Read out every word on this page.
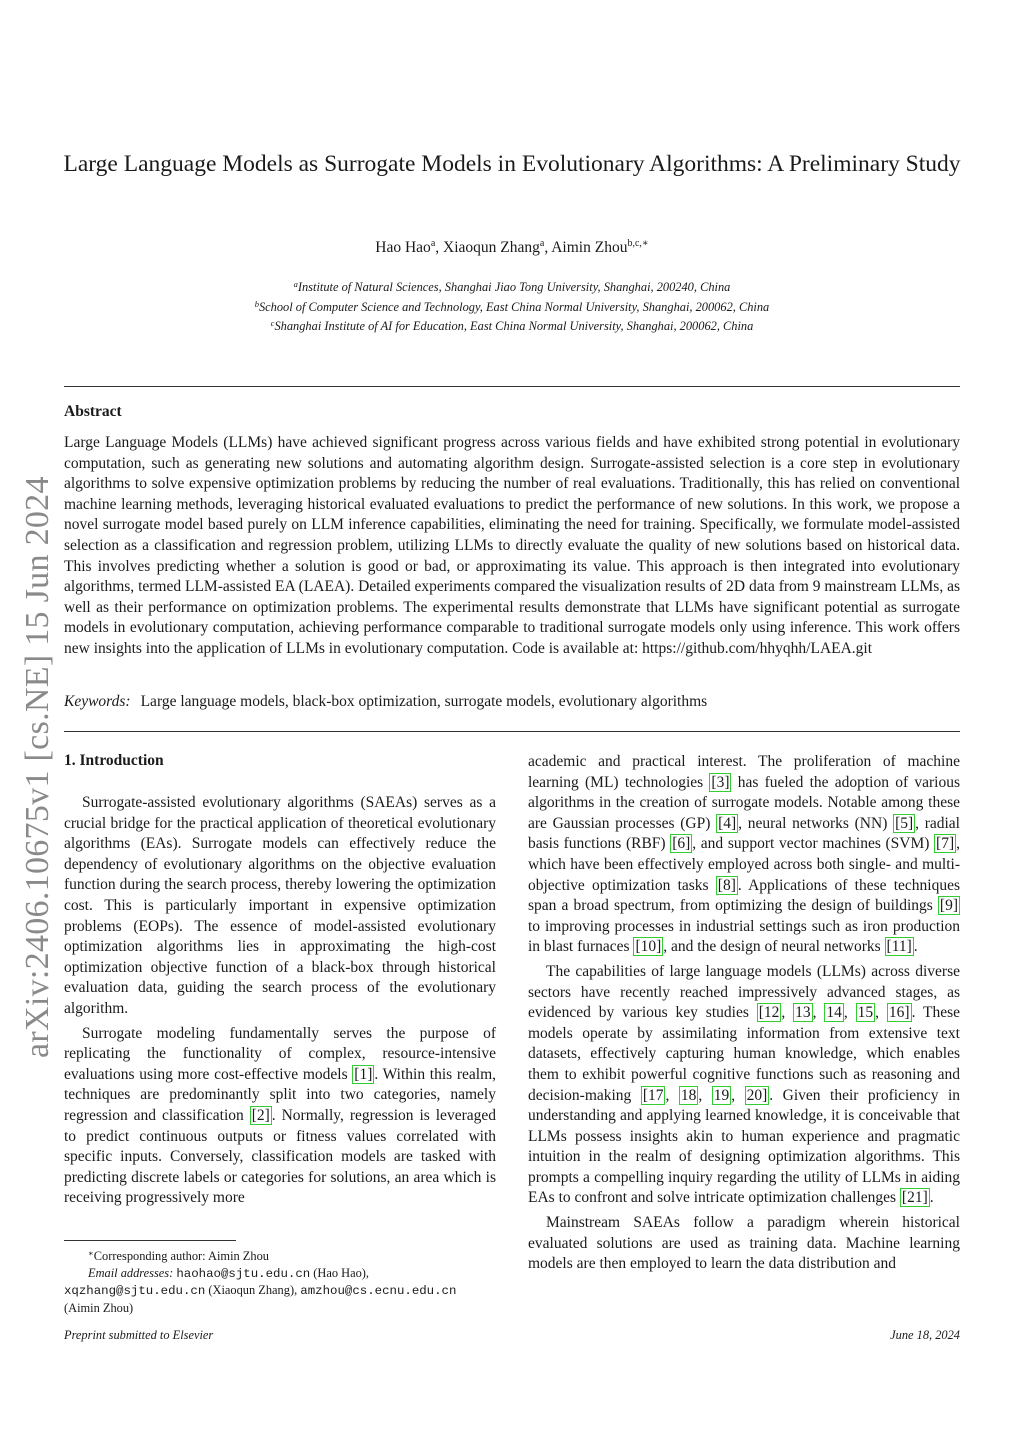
arXiv:2406.10675v1 [cs.NE] 15 Jun 2024
Large Language Models as Surrogate Models in Evolutionary Algorithms: A Preliminary Study
Hao Hao$^a$, Xiaoqun Zhang$^a$, Aimin Zhou$^{b,c,∗}$
$^a$Institute of Natural Sciences, Shanghai Jiao Tong University, Shanghai, 200240, China
$^b$School of Computer Science and Technology, East China Normal University, Shanghai, 200062, China
$^c$Shanghai Institute of AI for Education, East China Normal University, Shanghai, 200062, China
Abstract
Large Language Models (LLMs) have achieved significant progress across various fields and have exhibited strong potential in evolutionary computation, such as generating new solutions and automating algorithm design. Surrogate-assisted selection is a core step in evolutionary algorithms to solve expensive optimization problems by reducing the number of real evaluations. Traditionally, this has relied on conventional machine learning methods, leveraging historical evaluated evaluations to predict the performance of new solutions. In this work, we propose a novel surrogate model based purely on LLM inference capabilities, eliminating the need for training. Specifically, we formulate model-assisted selection as a classification and regression problem, utilizing LLMs to directly evaluate the quality of new solutions based on historical data. This involves predicting whether a solution is good or bad, or approximating its value. This approach is then integrated into evolutionary algorithms, termed LLM-assisted EA (LAEA). Detailed experiments compared the visualization results of 2D data from 9 mainstream LLMs, as well as their performance on optimization problems. The experimental results demonstrate that LLMs have significant potential as surrogate models in evolutionary computation, achieving performance comparable to traditional surrogate models only using inference. This work offers new insights into the application of LLMs in evolutionary computation. Code is available at: https://github.com/hhyqhh/LAEA.git
Keywords: Large language models, black-box optimization, surrogate models, evolutionary algorithms
1. Introduction

Surrogate-assisted evolutionary algorithms (SAEAs) serves as a crucial bridge for the practical application of theoretical evolutionary algorithms (EAs). Surrogate models can effectively reduce the dependency of evolutionary algorithms on the objective evaluation function during the search process, thereby lowering the optimization cost. This is particularly important in expensive optimization problems (EOPs). The essence of model-assisted evolutionary optimization algorithms lies in approximating the high-cost optimization objective function of a black-box through historical evaluation data, guiding the search process of the evolutionary algorithm.

Surrogate modeling fundamentally serves the purpose of replicating the functionality of complex, resource-intensive evaluations using more cost-effective models [1] . Within this realm, techniques are predominantly split into two categories, namely regression and classification [2] . Normally, regression is leveraged to predict continuous outputs or fitness values correlated with specific inputs. Conversely, classification models are tasked with predicting discrete labels or categories for solutions, an area which is receiving progressively more

academic and practical interest. The proliferation of machine learning (ML) technologies [3] has fueled the adoption of various algorithms in the creation of surrogate models. Notable among these are Gaussian processes (GP) [4] , neural networks (NN) [5] , radial basis functions (RBF) [6] , and support vector machines (SVM) [7] , which have been effectively employed across both single- and multi-objective optimization tasks [8] . Applications of these techniques span a broad spectrum, from optimizing the design of buildings [9] to improving processes in industrial settings such as iron production in blast furnaces [10] , and the design of neural networks [11] .

The capabilities of large language models (LLMs) across diverse sectors have recently reached impressively advanced stages, as evidenced by various key studies [12 , 13 , 14 , 15 , 16] . These models operate by assimilating information from extensive text datasets, effectively capturing human knowledge, which enables them to exhibit powerful cognitive functions such as reasoning and decision-making [17 , 18 , 19 , 20] . Given their proficiency in understanding and applying learned knowledge, it is conceivable that LLMs possess insights akin to human experience and pragmatic intuition in the realm of designing optimization algorithms. This prompts a compelling inquiry regarding the utility of LLMs in aiding EAs to confront and solve intricate optimization challenges [21] .

Mainstream SAEAs follow a paradigm wherein historical evaluated solutions are used as training data. Machine learning models are then employed to learn the data distribution and

∗Corresponding author: Aimin Zhou
Email addresses: haohao@sjtu.edu.cn (Hao Hao),
xqzhang@sjtu.edu.cn (Xiaoqun Zhang), amzhou@cs.ecnu.edu.cn
(Aimin Zhou)
Preprint submitted to Elsevier	June 18, 2024
